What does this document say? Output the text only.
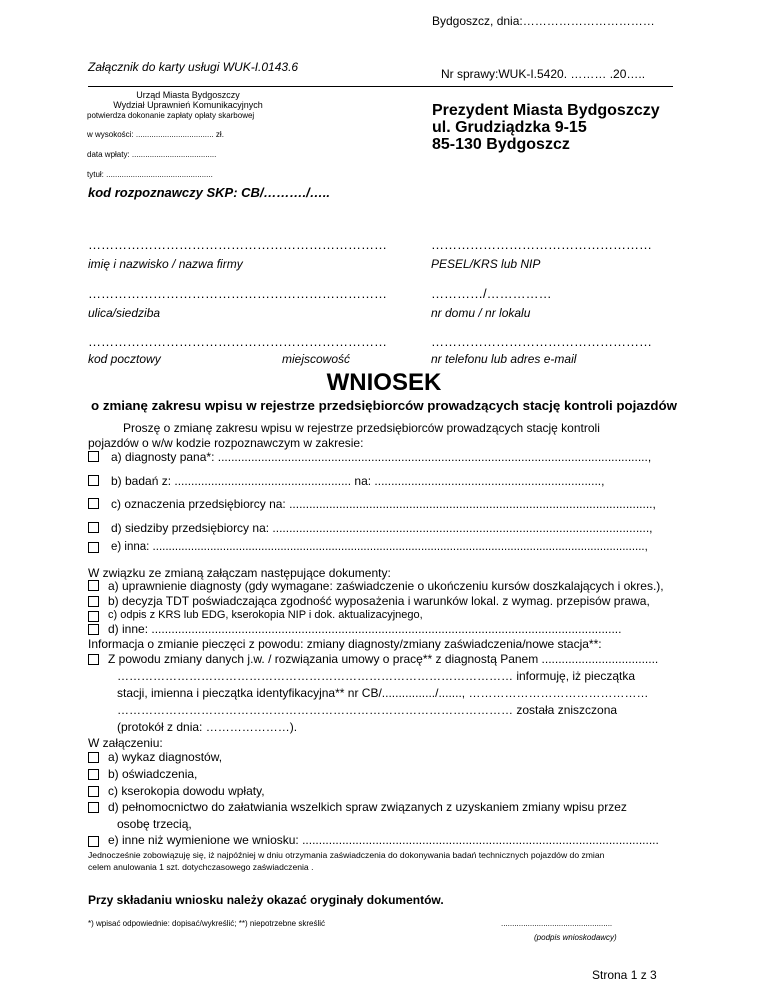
Bydgoszcz, dnia:……………………………
Załącznik do karty usługi WUK-I.0143.6	Nr sprawy:WUK-I.5420. ……… .20…..
Urząd Miasta Bydgoszczy
Wydział Uprawnień Komunikacyjnych
potwierdza dokonanie zapłaty opłaty skarbowej
w wysokości: ................................... zł.
data wpłaty: ......................................
tytuł: ................................................
Prezydent Miasta Bydgoszczy
ul. Grudziądzka 9-15
85-130 Bydgoszcz
kod rozpoznawczy SKP: CB/………./…..
……………………………………………………………	……………………………………………
imię i nazwisko / nazwa firmy	PESEL/KRS lub NIP
……………………………………………………………	…………/……………
ulica/siedziba	nr domu / nr lokalu
……………………………………………………………	……………………………………………
kod pocztowy	miejscowość	nr telefonu lub adres e-mail
WNIOSEK
o zmianę zakresu wpisu w rejestrze przedsiębiorców prowadzących stację kontroli pojazdów
Proszę o zmianę zakresu wpisu w rejestrze przedsiębiorców prowadzących stację kontroli
pojazdów o w/w kodzie rozpoznawczym w zakresie:
a) diagnosty pana*: .................................................................................................................................,
b) badań z: ..................................................... na: ....................................................................,
c) oznaczenia przedsiębiorcy na: .............................................................................................................,
d) siedziby przedsiębiorcy na: .................................................................................................................,
e) inna: ..........................................................................................................................................................,
W związku ze zmianą załączam następujące dokumenty:
a) uprawnienie diagnosty (gdy wymagane: zaświadczenie o ukończeniu kursów doszkalających i okres.),
b) decyzja TDT poświadczająca zgodność wyposażenia i warunków lokal. z wymag. przepisów prawa,
c) odpis z KRS lub EDG, kserokopia NIP i dok. aktualizacyjnego,
d) inne: .............................................................................................................................................
Informacja o zmianie pieczęci z powodu: zmiany diagnosty/zmiany zaświadczenia/nowe stacja**:
Z powodu zmiany danych j.w. / rozwiązania umowy o pracę** z diagnostą Panem ...................................
……………………………………………………………………………………… informuję, iż pieczątka
stacji, imienna i pieczątka identyfikacyjna** nr CB/................/......., ………………………………………
……………………………………………………………………………………… została zniszczona
(protokół z dnia: …………………).
W załączeniu:
a) wykaz diagnostów,
b) oświadczenia,
c) kserokopia dowodu wpłaty,
d) pełnomocnictwo do załatwiania wszelkich spraw związanych z uzyskaniem zmiany wpisu przez
osobę trzecią,
e) inne niż wymienione we wniosku: ...........................................................................................................
Jednocześnie zobowiązuję się, iż najpóźniej w dniu otrzymania zaświadczenia do dokonywania badań technicznych pojazdów do zmian
celem anulowania 1 szt. dotychczasowego zaświadczenia .
Przy składaniu wniosku należy okazać oryginały dokumentów.
*) wpisać odpowiednie: dopisać/wykreślić; **) niepotrzebne skreślić	..................................................
(podpis wnioskodawcy)
Strona 1 z 3
